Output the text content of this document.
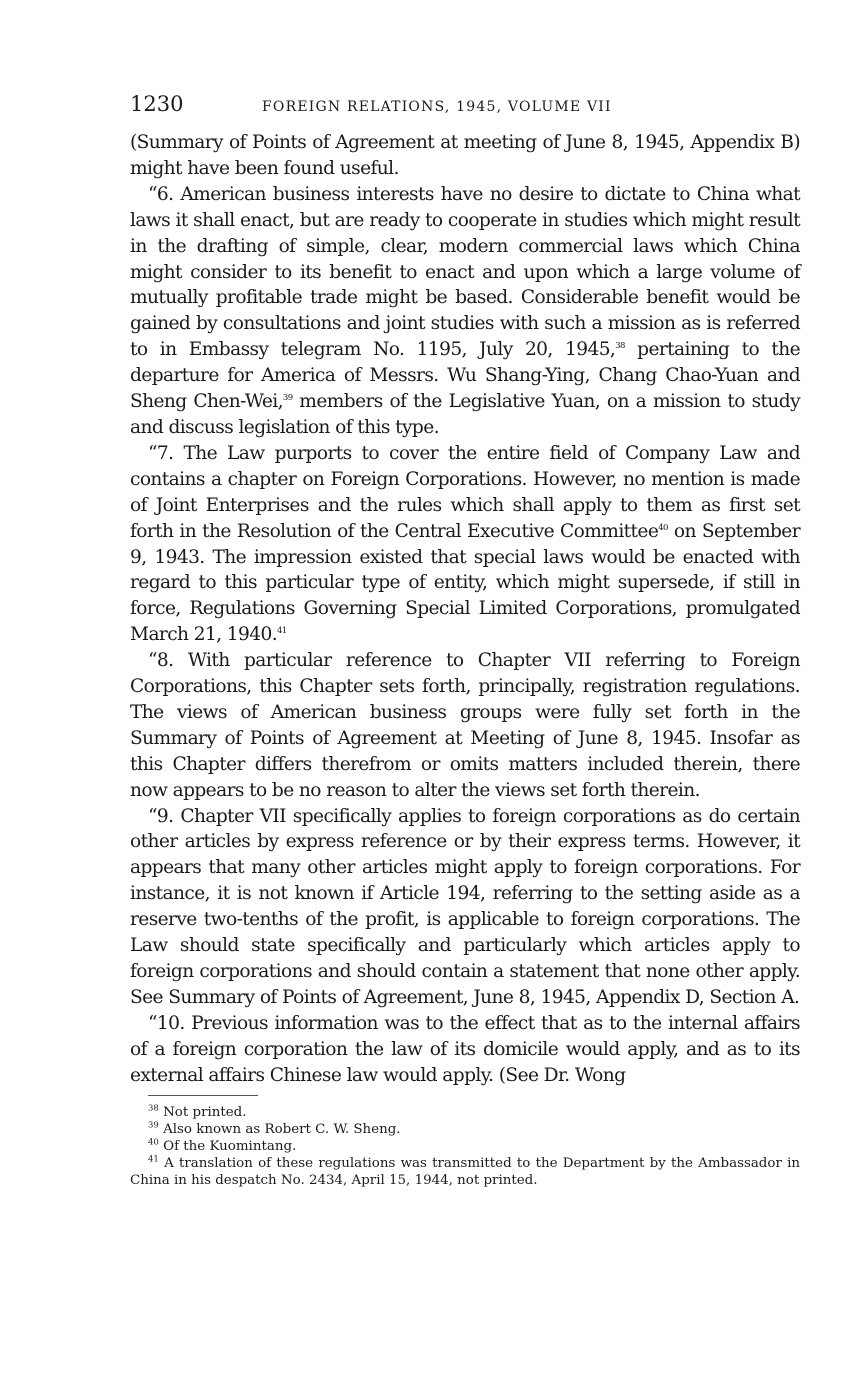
1230	FOREIGN RELATIONS, 1945, VOLUME VII

(Summary of Points of Agreement at meeting of June 8, 1945, Appendix B) might have been found useful.

“6. American business interests have no desire to dictate to China what laws it shall enact, but are ready to cooperate in studies which might result in the drafting of simple, clear, modern commercial laws which China might consider to its benefit to enact and upon which a large volume of mutually profitable trade might be based. Considerable benefit would be gained by consultations and joint studies with such a mission as is referred to in Embassy telegram No. 1195, July 20, 1945,38 pertaining to the departure for America of Messrs. Wu Shang-Ying, Chang Chao-Yuan and Sheng Chen-Wei,$^{39}$ members of the Legislative Yuan, on a mission to study and discuss legislation of this type.

“7. The Law purports to cover the entire field of Company Law and contains a chapter on Foreign Corporations. However, no mention is made of Joint Enterprises and the rules which shall apply to them as first set forth in the Resolution of the Central Executive Committee$^{40}$ on September 9, 1943. The impression existed that special laws would be enacted with regard to this particular type of entity, which might supersede, if still in force, Regulations Governing Special Limited Corporations, promulgated March 21, 1940.41

“8. With particular reference to Chapter VII referring to Foreign Corporations, this Chapter sets forth, principally, registration regulations. The views of American business groups were fully set forth in the Summary of Points of Agreement at Meeting of June 8, 1945. Insofar as this Chapter differs therefrom or omits matters included therein, there now appears to be no reason to alter the views set forth therein.

“9. Chapter VII specifically applies to foreign corporations as do certain other articles by express reference or by their express terms. However, it appears that many other articles might apply to foreign corporations. For instance, it is not known if Article 194, referring to the setting aside as a reserve two-tenths of the profit, is applicable to foreign corporations. The Law should state specifically and particularly which articles apply to foreign corporations and should contain a statement that none other apply. See Summary of Points of Agreement, June 8, 1945, Appendix D, Section A.

“10. Previous information was to the effect that as to the internal affairs of a foreign corporation the law of its domicile would apply, and as to its external affairs Chinese law would apply. (See Dr. Wong

$^{38}$ Not printed.

$^{39}$ Also known as Robert C. W. Sheng.

$^{40}$ Of the Kuomintang.

$^{41}$ A translation of these regulations was transmitted to the Department by the Ambassador in China in his despatch No. 2434, April 15, 1944, not printed.
